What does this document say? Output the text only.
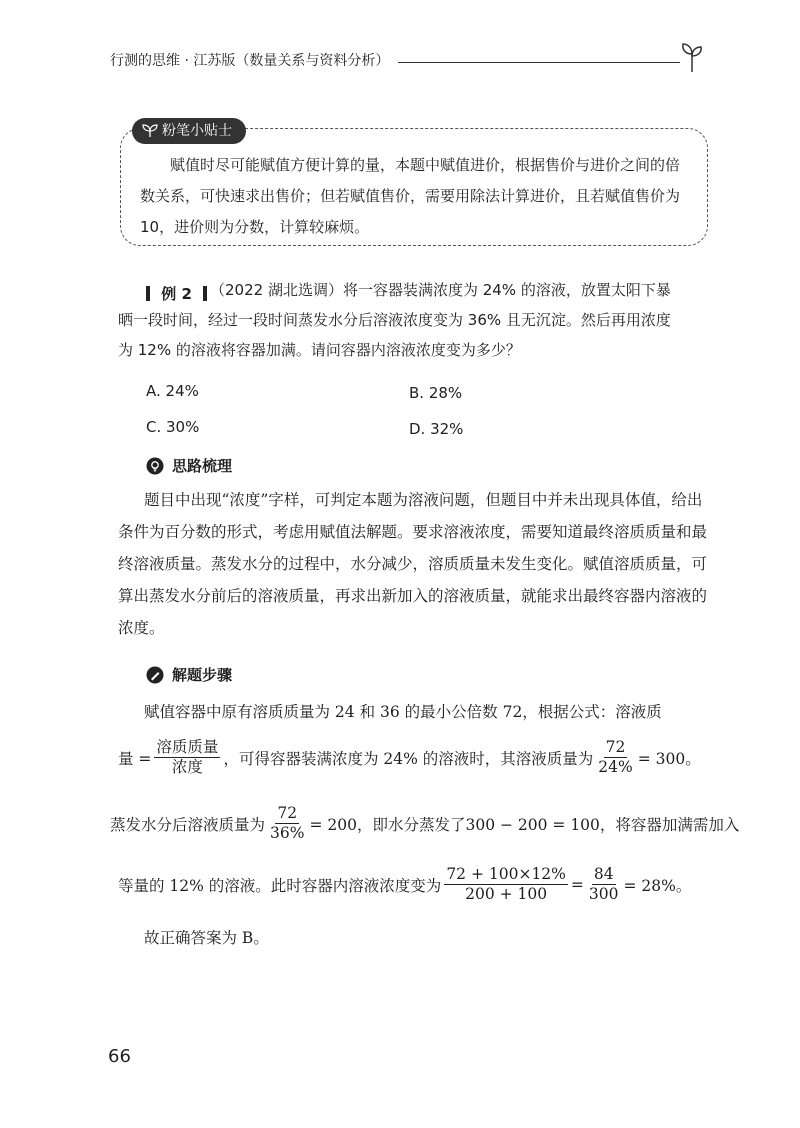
行测的思维 · 江苏版（数量关系与资料分析）
粉笔小贴士
赋值时尽可能赋值方便计算的量，本题中赋值进价，根据售价与进价之间的倍数关系，可快速求出售价；但若赋值售价，需要用除法计算进价，且若赋值售价为10，进价则为分数，计算较麻烦。
例 2	（2022 湖北选调）将一容器装满浓度为 24% 的溶液，放置太阳下暴
晒一段时间，经过一段时间蒸发水分后溶液浓度变为 36% 且无沉淀。然后再用浓度
为 12% 的溶液将容器加满。请问容器内溶液浓度变为多少？
A. 24%	B. 28%
C. 30%	D. 32%
思路梳理
题目中出现“浓度”字样，可判定本题为溶液问题，但题目中并未出现具体值，给出条件为百分数的形式，考虑用赋值法解题。要求溶液浓度，需要知道最终溶质质量和最终溶液质量。蒸发水分的过程中，水分减少，溶质质量未发生变化。赋值溶质质量，可算出蒸发水分前后的溶液质量，再求出新加入的溶液质量，就能求出最终容器内溶液的浓度。
解题步骤
赋值容器中原有溶质质量为 24 和 36 的最小公倍数 72，根据公式：溶液质
量 = $\frac{\text{溶质质量}}{\text{浓度}}$ ，可得容器装满浓度为 24% 的溶液时，其溶液质量为 $\frac{72}{24\%} = 300$。
蒸发水分后溶液质量为 $\frac{72}{36\%} = 200$，即水分蒸发了300 − 200 = 100，将容器加满需加入
等量的 12% 的溶液。此时容器内溶液浓度变为 $\frac{72 + 100\times 12\%}{200 + 100} = \frac{84}{300} = 28\%$。
故正确答案为 B。
66
